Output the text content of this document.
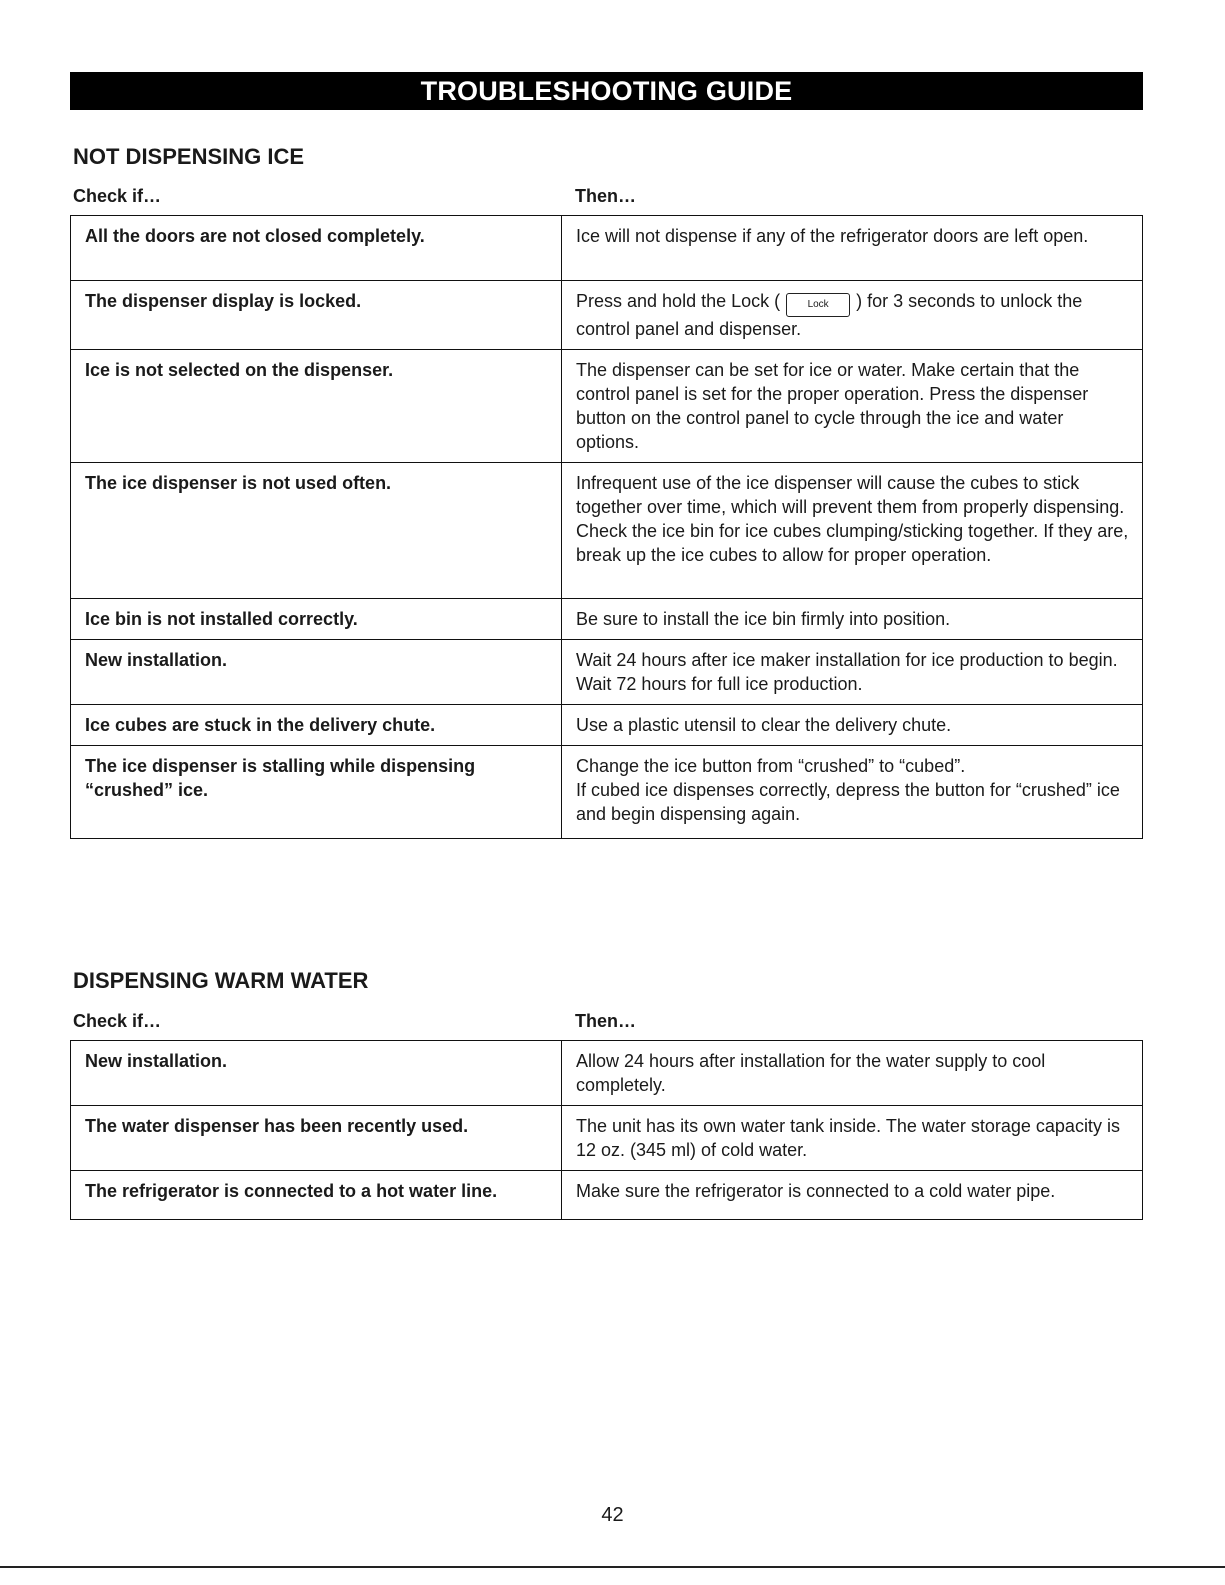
TROUBLESHOOTING GUIDE
NOT DISPENSING ICE
Check if…	Then…
All the doors are not closed completely.	Ice will not dispense if any of the refrigerator doors are left open.
The dispenser display is locked.	Press and hold the Lock ( Lock ) for 3 seconds to unlock the control panel and dispenser.
Ice is not selected on the dispenser.	The dispenser can be set for ice or water. Make certain that the control panel is set for the proper operation. Press the dispenser button on the control panel to cycle through the ice and water options.
The ice dispenser is not used often.	Infrequent use of the ice dispenser will cause the cubes to stick together over time, which will prevent them from properly dispensing. Check the ice bin for ice cubes clumping/sticking together. If they are, break up the ice cubes to allow for proper operation.
Ice bin is not installed correctly.	Be sure to install the ice bin firmly into position.
New installation.	Wait 24 hours after ice maker installation for ice production to begin. Wait 72 hours for full ice production.
Ice cubes are stuck in the delivery chute.	Use a plastic utensil to clear the delivery chute.
The ice dispenser is stalling while dispensing “crushed” ice.	Change the ice button from “crushed” to “cubed”.
If cubed ice dispenses correctly, depress the button for “crushed” ice and begin dispensing again.
DISPENSING WARM WATER
Check if…	Then…
New installation.	Allow 24 hours after installation for the water supply to cool completely.
The water dispenser has been recently used.	The unit has its own water tank inside. The water storage capacity is 12 oz. (345 ml) of cold water.
The refrigerator is connected to a hot water line.	Make sure the refrigerator is connected to a cold water pipe.
42
